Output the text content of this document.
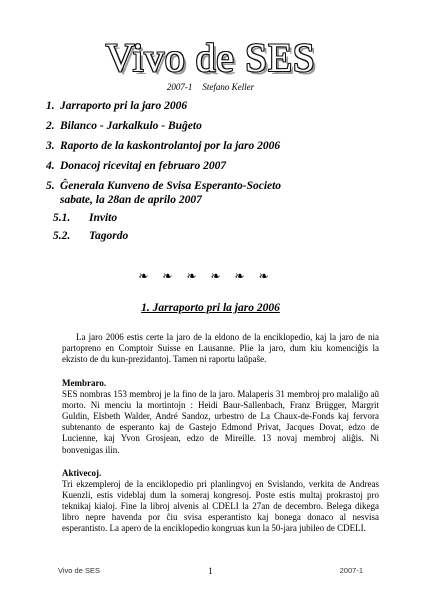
Vivo de SES
2007-1 Stefano Keller
1. Jarraporto pri la jaro 2006
2. Bilanco - Jarkalkulo - Buĝeto
3. Raporto de la kaskontrolantoj por la jaro 2006
4. Donacoj ricevitaj en februaro 2007
5. Ĝenerala Kunveno de Svisa Esperanto-Societo
sabate, la 28an de aprilo 2007
5.1. Invito
5.2. Tagordo
❧❧❧❧❧❧
1. Jarraporto pri la jaro 2006

La jaro 2006 estis certe la jaro de la eldono de la enciklopedio, kaj la jaro de nia partopreno en Comptoir Suisse en Lausanne. Plie la jaro, dum kiu komenciĝis la ekzisto de du kun-prezidantoj. Tamen ni raportu laŭpaŝe.

Membraro.
SES nombras 153 membroj je la fino de la jaro. Malaperis 31 membroj pro malaliĝo aŭ morto. Ni menciu la mortintojn : Heidi Baur-Sallenbach, Franz Brügger, Margrit Guldin, Elsbeth Walder, André Sandoz, urbestro de La Chaux-de-Fonds kaj fervora subtenanto de esperanto kaj de Gastejo Edmond Privat, Jacques Dovat, edzo de Lucienne, kaj Yvon Grosjean, edzo de Mireille. 13 novaj membroj aliĝis. Ni bonvenigas ilin.
Aktivecoj.
Tri ekzempleroj de la enciklopedio pri planlingvoj en Svislando, verkita de Andreas Kuenzli, estis videblaj dum la someraj kongresoj. Poste estis multaj prokrastoj pro teknikaj kialoj. Fine la libroj alvenis al CDELI la 27an de decembro. Belega dikega libro nepre havenda por ĉiu svisa esperantisto kaj bonega donaco al nesvisa esperantisto. La apero de la enciklopedio kongruas kun la 50-jara jubileo de CDELI.
Vivo de SES	1	2007-1
